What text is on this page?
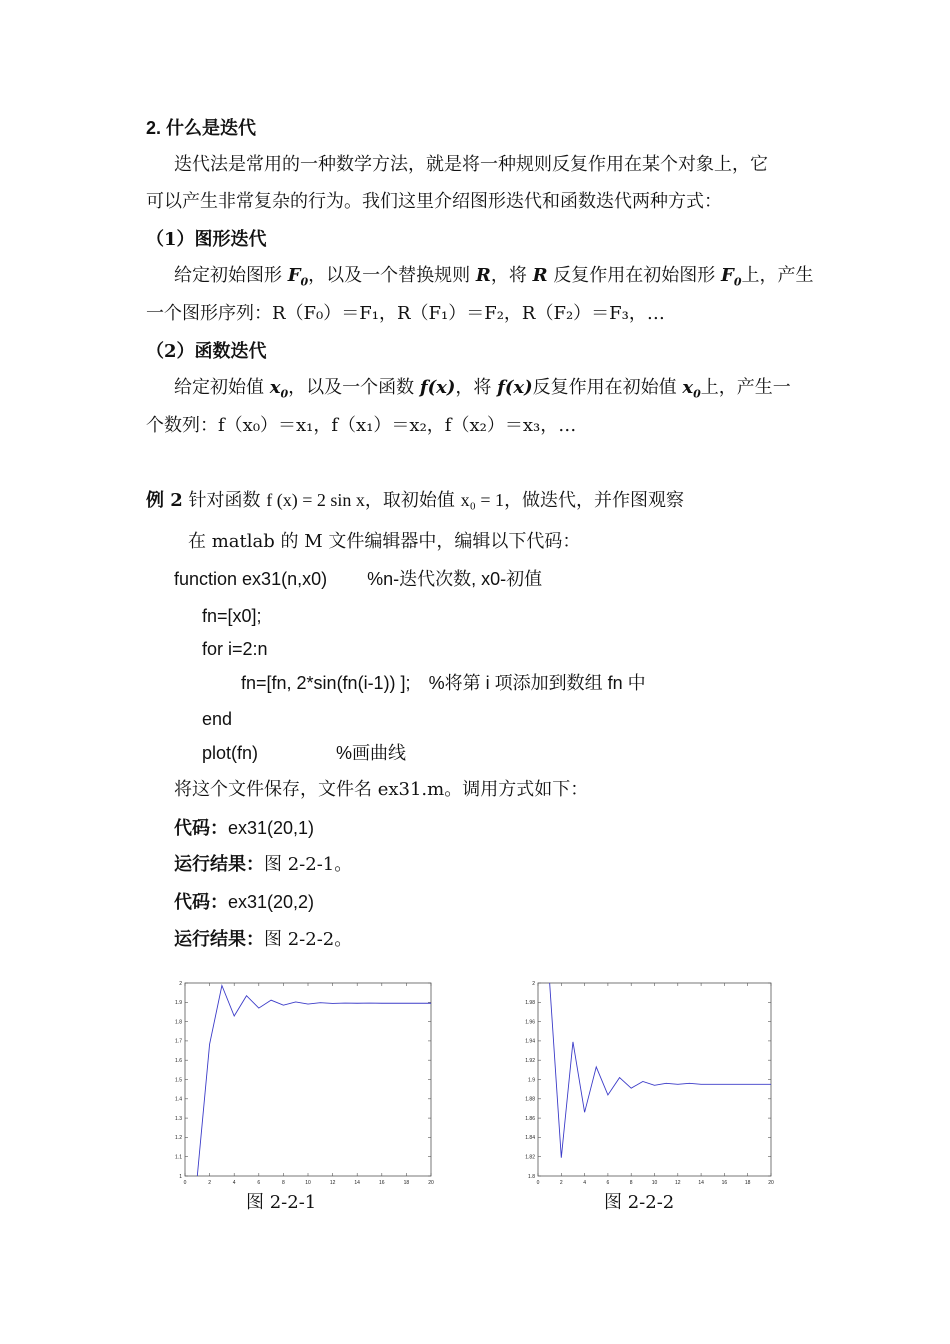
2. 什么是迭代
迭代法是常用的一种数学方法，就是将一种规则反复作用在某个对象上，它
可以产生非常复杂的行为。我们这里介绍图形迭代和函数迭代两种方式：
（1）图形迭代
给定初始图形 $F_0$，以及一个替换规则 R，将 R 反复作用在初始图形 $F_0$上，产生
一个图形序列：R（F₀）＝F₁，R（F₁）＝F₂，R（F₂）＝F₃，…
（2）函数迭代
给定初始值 $x_0$，以及一个函数 f(x)，将 f(x)反复作用在初始值 $x_0$上，产生一
个数列：f（x₀）＝x₁，f（x₁）＝x₂，f（x₂）＝x₃，…
例 2 针对函数 f (x) = 2 sin x，取初始值 x₀ = 1，做迭代，并作图观察
在 matlab 的 M 文件编辑器中，编辑以下代码：
function ex31(n,x0) %n-迭代次数, x0-初值
fn=[x0];
for i=2:n
fn=[fn, 2*sin(fn(i-1)) ]; %将第 i 项添加到数组 fn 中
end
plot(fn)	%画曲线
将这个文件保存，文件名 ex31.m。调用方式如下：
代码：ex31(20,1)
运行结果：图 2-2-1。
代码：ex31(20,2)
运行结果：图 2-2-2。
0	2	4	6	8	10	12	14	16	18	20
1
1.1
1.2
1.3
1.4
1.5
1.6
1.7
1.8
1.9
2
0	2	4	6	8	10	12	14	16	18	20
1.8
1.82
1.84
1.86
1.88
1.9
1.92
1.94
1.96
1.98
2
图 2-2-1	图 2-2-2
